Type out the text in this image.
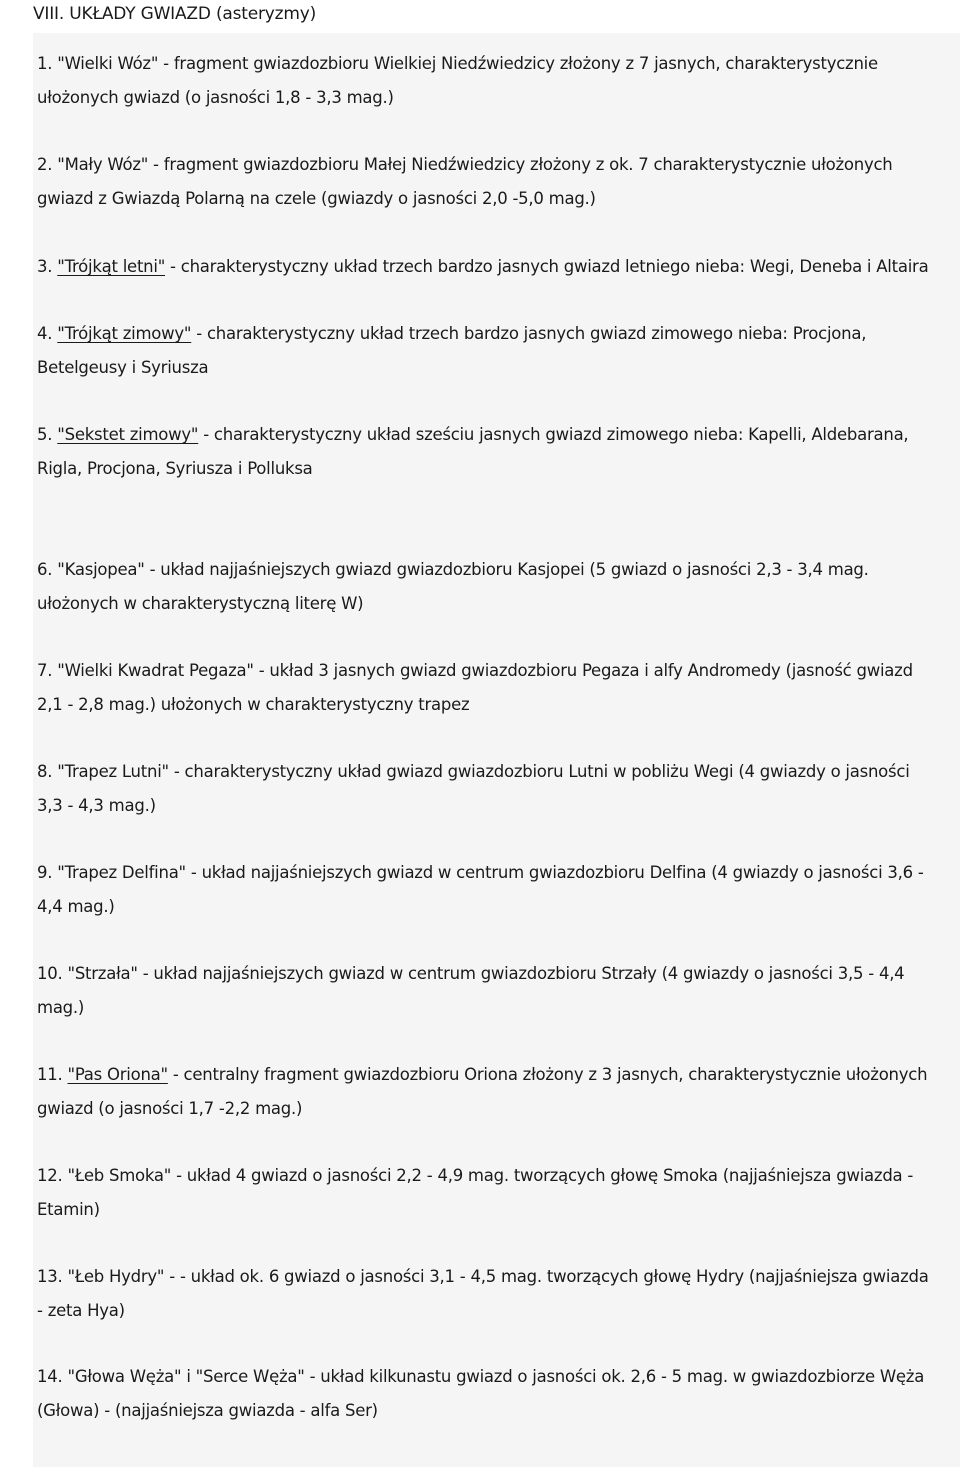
VIII. UKŁADY GWIAZD (asteryzmy)
1. "Wielki Wóz" - fragment gwiazdozbioru Wielkiej Niedźwiedzicy złożony z 7 jasnych, charakterystycznie
ułożonych gwiazd (o jasności 1,8 - 3,3 mag.)
2. "Mały Wóz" - fragment gwiazdozbioru Małej Niedźwiedzicy złożony z ok. 7 charakterystycznie ułożonych
gwiazd z Gwiazdą Polarną na czele (gwiazdy o jasności 2,0 -5,0 mag.)
3. "Trójkąt letni" - charakterystyczny układ trzech bardzo jasnych gwiazd letniego nieba: Wegi, Deneba i Altaira
4. "Trójkąt zimowy" - charakterystyczny układ trzech bardzo jasnych gwiazd zimowego nieba: Procjona,
Betelgeusy i Syriusza
5. "Sekstet zimowy" - charakterystyczny układ sześciu jasnych gwiazd zimowego nieba: Kapelli, Aldebarana,
Rigla, Procjona, Syriusza i Polluksa
6. "Kasjopea" - układ najjaśniejszych gwiazd gwiazdozbioru Kasjopei (5 gwiazd o jasności 2,3 - 3,4 mag.
ułożonych w charakterystyczną literę W)
7. "Wielki Kwadrat Pegaza" - układ 3 jasnych gwiazd gwiazdozbioru Pegaza i alfy Andromedy (jasność gwiazd
2,1 - 2,8 mag.) ułożonych w charakterystyczny trapez
8. "Trapez Lutni" - charakterystyczny układ gwiazd gwiazdozbioru Lutni w pobliżu Wegi (4 gwiazdy o jasności
3,3 - 4,3 mag.)
9. "Trapez Delfina" - układ najjaśniejszych gwiazd w centrum gwiazdozbioru Delfina (4 gwiazdy o jasności 3,6 -
4,4 mag.)
10. "Strzała" - układ najjaśniejszych gwiazd w centrum gwiazdozbioru Strzały (4 gwiazdy o jasności 3,5 - 4,4
mag.)
11. "Pas Oriona" - centralny fragment gwiazdozbioru Oriona złożony z 3 jasnych, charakterystycznie ułożonych
gwiazd (o jasności 1,7 -2,2 mag.)
12. "Łeb Smoka" - układ 4 gwiazd o jasności 2,2 - 4,9 mag. tworzących głowę Smoka (najjaśniejsza gwiazda -
Etamin)
13. "Łeb Hydry" - - układ ok. 6 gwiazd o jasności 3,1 - 4,5 mag. tworzących głowę Hydry (najjaśniejsza gwiazda
- zeta Hya)
14. "Głowa Węża" i "Serce Węża" - układ kilkunastu gwiazd o jasności ok. 2,6 - 5 mag. w gwiazdozbiorze Węża
(Głowa) - (najjaśniejsza gwiazda - alfa Ser)
